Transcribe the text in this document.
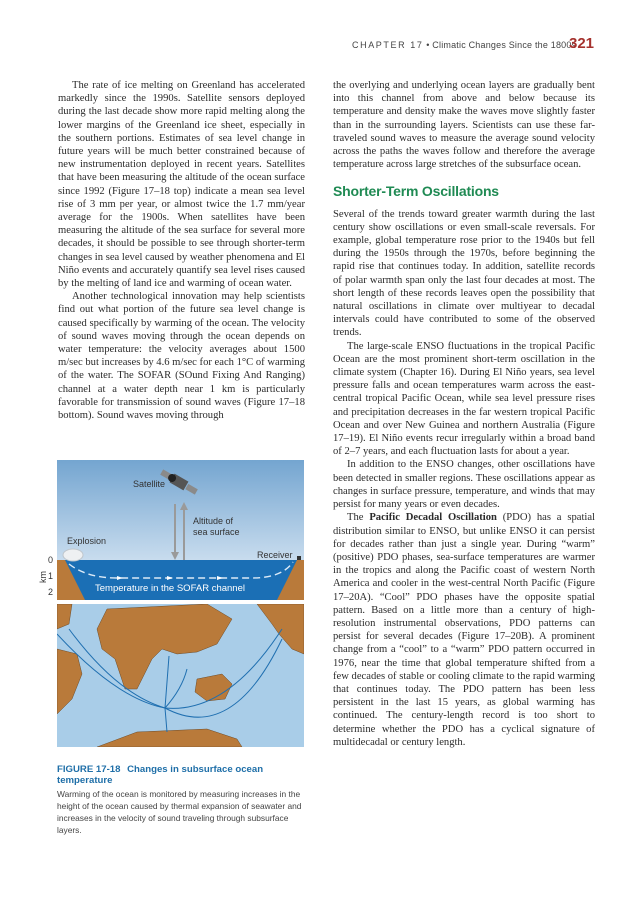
CHAPTER 17 • Climatic Changes Since the 1800s
321

The rate of ice melting on Greenland has accelerated markedly since the 1990s. Satellite sensors deployed during the last decade show more rapid melting along the lower margins of the Greenland ice sheet, especially in the southern portions. Estimates of sea level change in future years will be much better constrained because of new instrumentation deployed in recent years. Satellites that have been measuring the altitude of the ocean surface since 1992 (Figure 17–18 top) indicate a mean sea level rise of 3 mm per year, or almost twice the 1.7 mm/year average for the 1900s. When satellites have been measuring the altitude of the sea surface for several more decades, it should be possible to see through shorter-term changes in sea level caused by weather phenomena and El Niño events and accurately quantify sea level rises caused by the melting of land ice and warming of ocean water.

Another technological innovation may help scientists find out what portion of the future sea level change is caused specifically by warming of the ocean. The velocity of sound waves moving through the ocean depends on water temperature: the velocity averages about 1500 m/sec but increases by 4.6 m/sec for each 1°C of warming of the water. The SOFAR (SOund Fixing And Ranging) channel at a water depth near 1 km is particularly favorable for transmission of sound waves (Figure 17–18 bottom). Sound waves moving through

Satellite
Altitude of
sea surface
Explosion
Receiver
Temperature in the SOFAR channel
km
0
1
2
FIGURE 17-18 Changes in subsurface ocean temperature
Warming of the ocean is monitored by measuring increases in the height of the ocean caused by thermal expansion of seawater and increases in the velocity of sound traveling through subsurface layers.

the overlying and underlying ocean layers are gradually bent into this channel from above and below because its temperature and density make the waves move slightly faster than in the surrounding layers. Scientists can use these far-traveled sound waves to measure the average sound velocity across the paths the waves follow and therefore the average temperature across large stretches of the subsurface ocean.

Shorter-Term Oscillations

Several of the trends toward greater warmth during the last century show oscillations or even small-scale reversals. For example, global temperature rose prior to the 1940s but fell during the 1950s through the 1970s, before beginning the rapid rise that continues today. In addition, satellite records of polar warmth span only the last four decades at most. The short length of these records leaves open the possibility that natural oscillations in climate over multiyear to decadal intervals could have contributed to some of the observed trends.

The large-scale ENSO fluctuations in the tropical Pacific Ocean are the most prominent short-term oscillation in the climate system (Chapter 16). During El Niño years, sea level pressure falls and ocean temperatures warm across the east-central tropical Pacific Ocean, while sea level pressure rises and precipitation decreases in the far western tropical Pacific Ocean and over New Guinea and northern Australia (Figure 17–19). El Niño events recur irregularly within a broad band of 2–7 years, and each fluctuation lasts for about a year.

In addition to the ENSO changes, other oscillations have been detected in smaller regions. These oscillations appear as changes in surface pressure, temperature, and winds that may persist for many years or even decades.

The Pacific Decadal Oscillation (PDO) has a spatial distribution similar to ENSO, but unlike ENSO it can persist for decades rather than just a single year. During “warm” (positive) PDO phases, sea-surface temperatures are warmer in the tropics and along the Pacific coast of western North America and cooler in the west-central North Pacific (Figure 17–20A). “Cool” PDO phases have the opposite spatial pattern. Based on a little more than a century of high-resolution instrumental observations, PDO patterns can persist for several decades (Figure 17–20B). A prominent change from a “cool” to a “warm” PDO pattern occurred in 1976, near the time that global temperature shifted from a few decades of stable or cooling climate to the rapid warming that continues today. The PDO pattern has been less persistent in the last 15 years, as global warming has continued. The century-length record is too short to determine whether the PDO has a cyclical signature of multidecadal or century length.
